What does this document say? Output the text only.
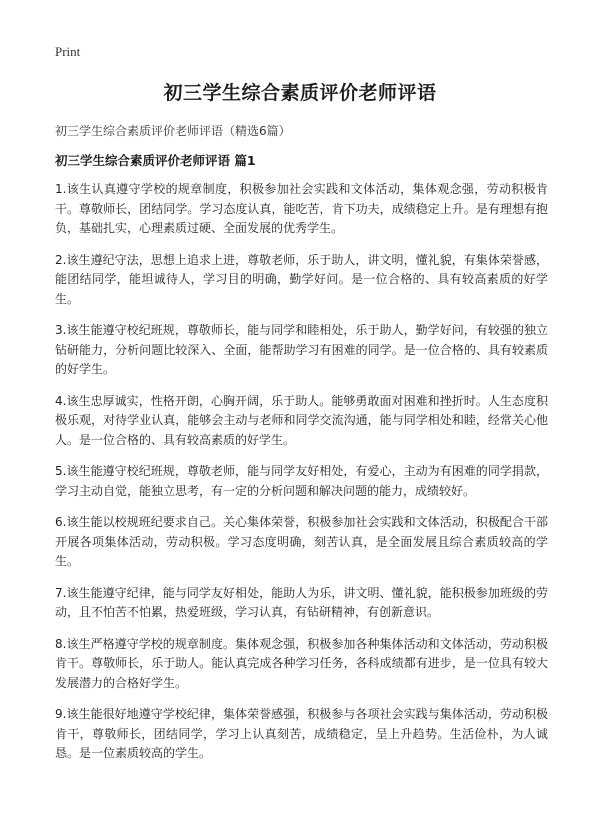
Print
初三学生综合素质评价老师评语

初三学生综合素质评价老师评语（精选6篇）

初三学生综合素质评价老师评语 篇1

1.该生认真遵守学校的规章制度，积极参加社会实践和文体活动，集体观念强，劳动积极肯干。尊敬师长，团结同学。学习态度认真，能吃苦，肯下功夫，成绩稳定上升。是有理想有抱负，基础扎实，心理素质过硬、全面发展的优秀学生。

2.该生遵纪守法，思想上追求上进，尊敬老师，乐于助人，讲文明，懂礼貌，有集体荣誉感，能团结同学，能坦诚待人，学习目的明确，勤学好问。是一位合格的、具有较高素质的好学生。

3.该生能遵守校纪班规，尊敬师长，能与同学和睦相处，乐于助人，勤学好问，有较强的独立钻研能力，分析问题比较深入、全面，能帮助学习有困难的同学。是一位合格的、具有较素质的好学生。

4.该生忠厚诚实，性格开朗，心胸开阔，乐于助人。能够勇敢面对困难和挫折时。人生态度积极乐观，对待学业认真，能够会主动与老师和同学交流沟通，能与同学相处和睦，经常关心他人。是一位合格的、具有较高素质的好学生。

5.该生能遵守校纪班规，尊敬老师，能与同学友好相处，有爱心，主动为有困难的同学捐款，学习主动自觉，能独立思考，有一定的分析问题和解决问题的能力，成绩较好。

6.该生能以校规班纪要求自己。关心集体荣誉，积极参加社会实践和文体活动，积极配合干部开展各项集体活动，劳动积极。学习态度明确，刻苦认真，是全面发展且综合素质较高的学生。

7.该生能遵守纪律，能与同学友好相处，能助人为乐，讲文明、懂礼貌，能积极参加班级的劳动，且不怕苦不怕累，热爱班级，学习认真，有钻研精神，有创新意识。

8.该生严格遵守学校的规章制度。集体观念强，积极参加各种集体活动和文体活动，劳动积极肯干。尊敬师长，乐于助人。能认真完成各种学习任务，各科成绩都有进步，是一位具有较大发展潜力的合格好学生。

9.该生能很好地遵守学校纪律，集体荣誉感强，积极参与各项社会实践与集体活动，劳动积极肯干，尊敬师长，团结同学，学习上认真刻苦，成绩稳定，呈上升趋势。生活俭朴，为人诚恳。是一位素质较高的学生。
